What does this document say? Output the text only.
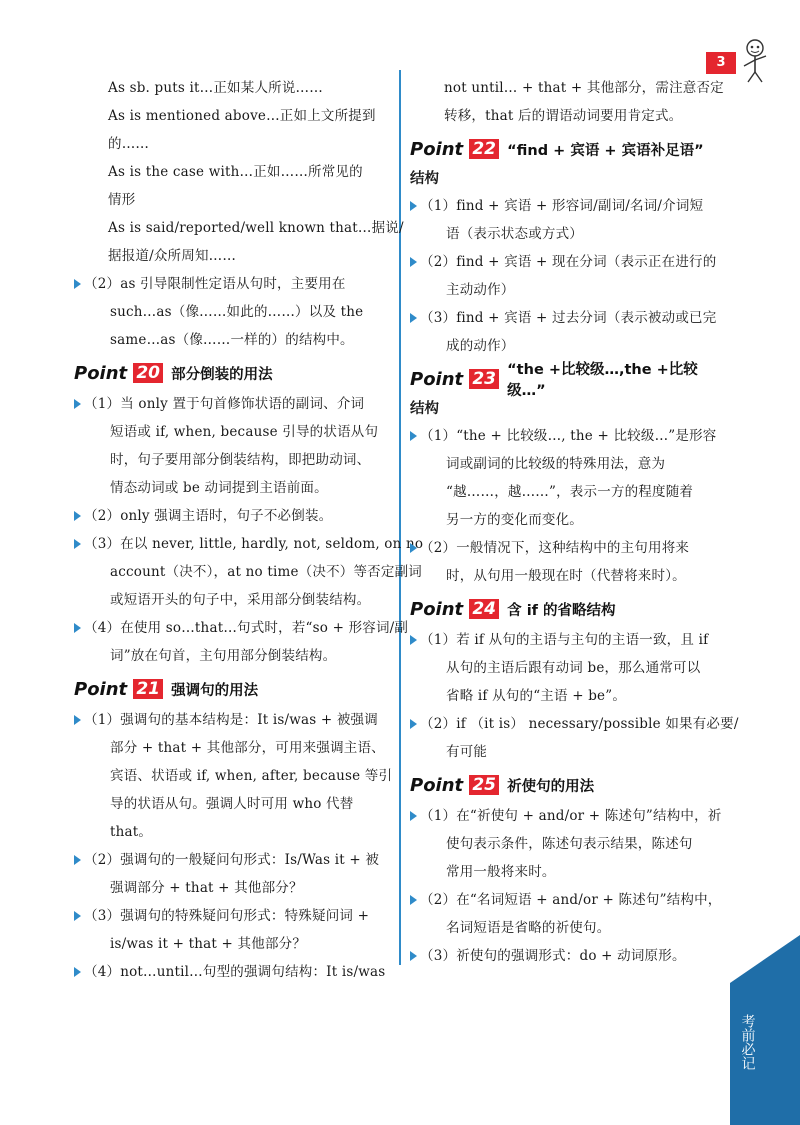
3
As sb. puts it…正如某人所说……
As is mentioned above…正如上文所提到
的……
As is the case with…正如……所常见的
情形
As is said/reported/well known that…据说/
据报道/众所周知……
（2）as 引导限制性定语从句时，主要用在
such…as（像……如此的……）以及 the
same…as（像……一样的）的结构中。
Point 20 部分倒装的用法
（1）当 only 置于句首修饰状语的副词、介词
短语或 if, when, because 引导的状语从句
时，句子要用部分倒装结构，即把助动词、
情态动词或 be 动词提到主语前面。
（2）only 强调主语时，句子不必倒装。
（3）在以 never, little, hardly, not, seldom, on no
account（决不），at no time（决不）等否定副词
或短语开头的句子中，采用部分倒装结构。
（4）在使用 so…that…句式时，若“so + 形容词/副
词”放在句首，主句用部分倒装结构。
Point 21 强调句的用法
（1）强调句的基本结构是：It is/was + 被强调
部分 + that + 其他部分，可用来强调主语、
宾语、状语或 if, when, after, because 等引
导的状语从句。强调人时可用 who 代替
that。
（2）强调句的一般疑问句形式：Is/Was it + 被
强调部分 + that + 其他部分？
（3）强调句的特殊疑问句形式：特殊疑问词 +
is/was it + that + 其他部分？
（4）not…until…句型的强调句结构：It is/was
not until… + that + 其他部分，需注意否定
转移，that 后的谓语动词要用肯定式。
Point 22 “find + 宾语 + 宾语补足语”
结构
（1）find + 宾语 + 形容词/副词/名词/介词短
语（表示状态或方式）
（2）find + 宾语 + 现在分词（表示正在进行的
主动动作）
（3）find + 宾语 + 过去分词（表示被动或已完
成的动作）
Point 23 “the +比较级…,the +比较级…”
结构
（1）“the + 比较级…, the + 比较级…”是形容
词或副词的比较级的特殊用法，意为
“越……，越……”，表示一方的程度随着
另一方的变化而变化。
（2）一般情况下，这种结构中的主句用将来
时，从句用一般现在时（代替将来时）。
Point 24 含 if 的省略结构
（1）若 if 从句的主语与主句的主语一致，且 if
从句的主语后跟有动词 be，那么通常可以
省略 if 从句的“主语 + be”。
（2）if （it is） necessary/possible 如果有必要/
有可能
Point 25 祈使句的用法
（1）在“祈使句 + and/or + 陈述句”结构中，祈
使句表示条件，陈述句表示结果，陈述句
常用一般将来时。
（2）在“名词短语 + and/or + 陈述句”结构中，
名词短语是省略的祈使句。
（3）祈使句的强调形式：do + 动词原形。
考前必记
